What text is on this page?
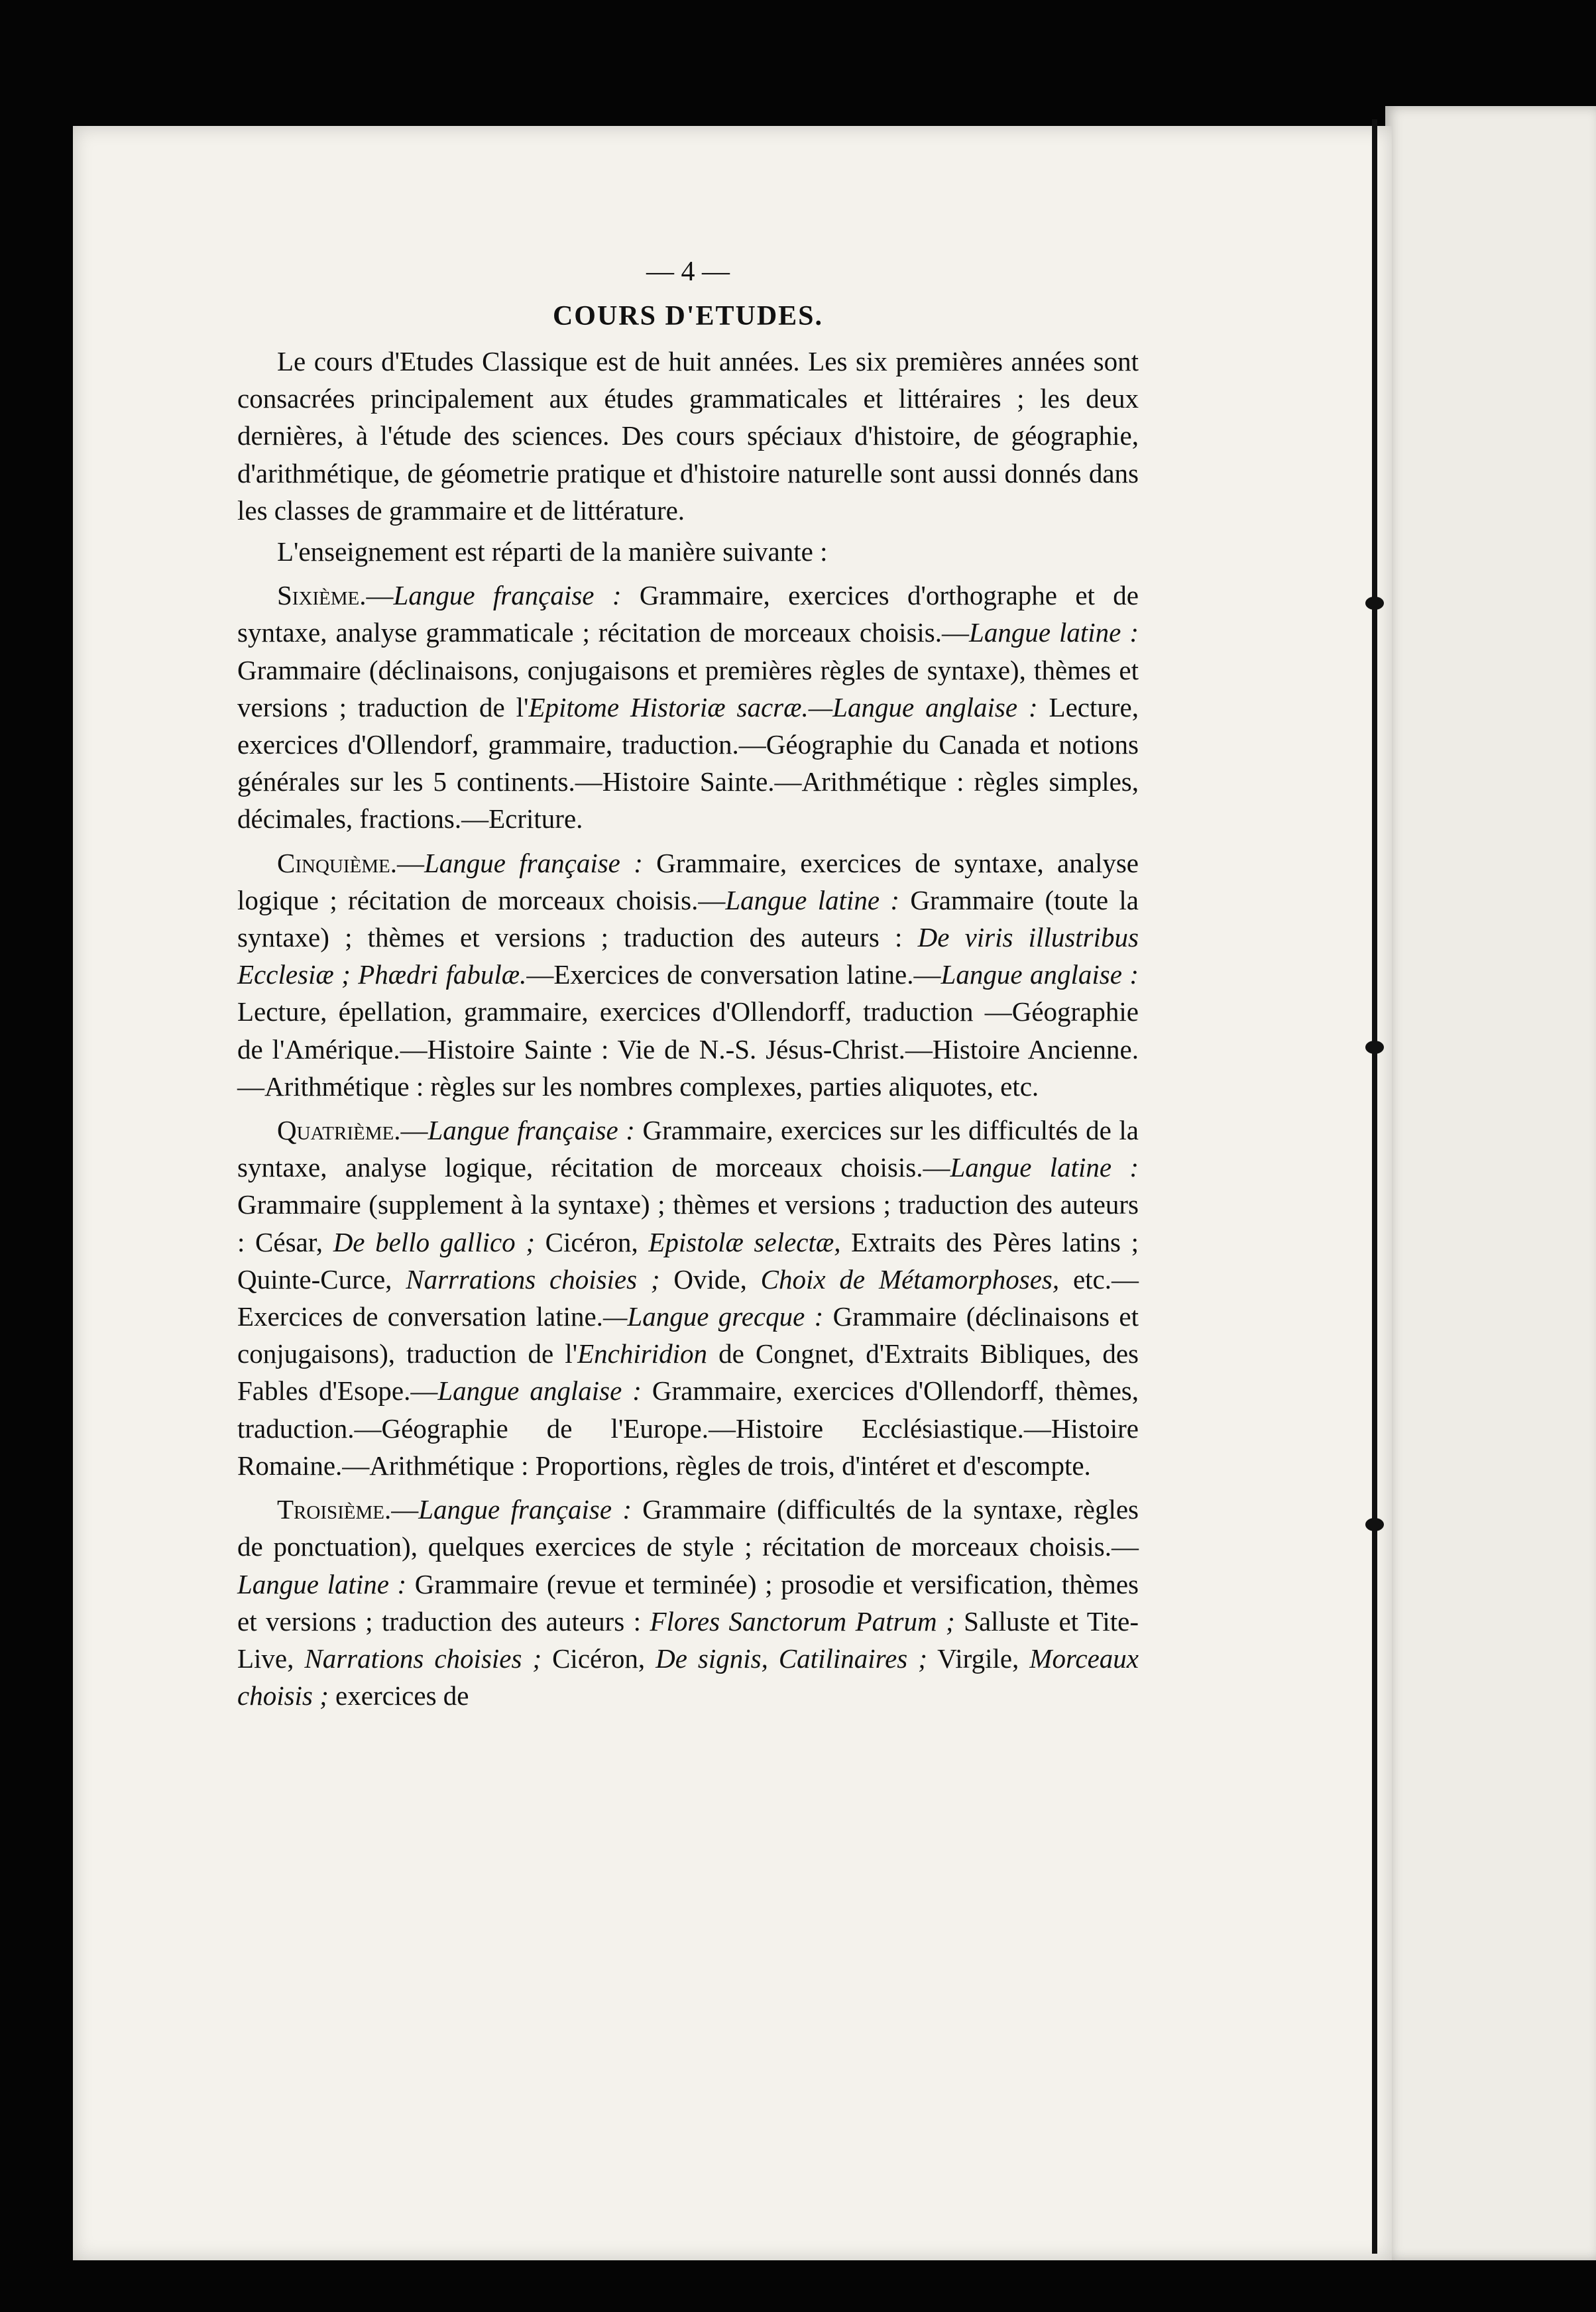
— 4 —
COURS D'ETUDES.

Le cours d'Etudes Classique est de huit années. Les six premières années sont consacrées principalement aux études grammaticales et littéraires ; les deux dernières, à l'étude des sciences. Des cours spéciaux d'histoire, de géographie, d'arithmétique, de géometrie pratique et d'histoire naturelle sont aussi donnés dans les classes de grammaire et de littérature.

L'enseignement est réparti de la manière suivante :

Sixième.—Langue française : Grammaire, exercices d'orthographe et de syntaxe, analyse grammaticale ; récitation de morceaux choisis.—Langue latine : Grammaire (déclinaisons, conjugaisons et premières règles de syntaxe), thèmes et versions ; traduction de l'Epitome Historiæ sacræ.—Langue anglaise : Lecture, exercices d'Ollendorf, grammaire, traduction.—Géographie du Canada et notions générales sur les 5 continents.—Histoire Sainte.—Arithmétique : règles simples, décimales, fractions.—Ecriture.

Cinquième.—Langue française : Grammaire, exercices de syntaxe, analyse logique ; récitation de morceaux choisis.—Langue latine : Grammaire (toute la syntaxe) ; thèmes et versions ; traduction des auteurs : De viris illustribus Ecclesiæ ; Phædri fabulæ.—Exercices de conversation latine.—Langue anglaise : Lecture, épellation, grammaire, exercices d'Ollendorff, traduction —Géographie de l'Amérique.—Histoire Sainte : Vie de N.-S. Jésus-Christ.—Histoire Ancienne.—Arithmétique : règles sur les nombres complexes, parties aliquotes, etc.

Quatrième.—Langue française : Grammaire, exercices sur les difficultés de la syntaxe, analyse logique, récitation de morceaux choisis.—Langue latine : Grammaire (supplement à la syntaxe) ; thèmes et versions ; traduction des auteurs : César, De bello gallico ; Cicéron, Epistolæ selectæ, Extraits des Pères latins ; Quinte-Curce, Narrrations choisies ; Ovide, Choix de Métamorphoses, etc.—Exercices de conversation latine.—Langue grecque : Grammaire (déclinaisons et conjugaisons), traduction de l'Enchiridion de Congnet, d'Extraits Bibliques, des Fables d'Esope.—Langue anglaise : Grammaire, exercices d'Ollendorff, thèmes, traduction.—Géographie de l'Europe.—Histoire Ecclésiastique.—Histoire Romaine.—Arithmétique : Proportions, règles de trois, d'intéret et d'escompte.

Troisième.—Langue française : Grammaire (difficultés de la syntaxe, règles de ponctuation), quelques exercices de style ; récitation de morceaux choisis.—Langue latine : Grammaire (revue et terminée) ; prosodie et versification, thèmes et versions ; traduction des auteurs : Flores Sanctorum Patrum ; Salluste et Tite-Live, Narrations choisies ; Cicéron, De signis, Catilinaires ; Virgile, Morceaux choisis ; exercices de
